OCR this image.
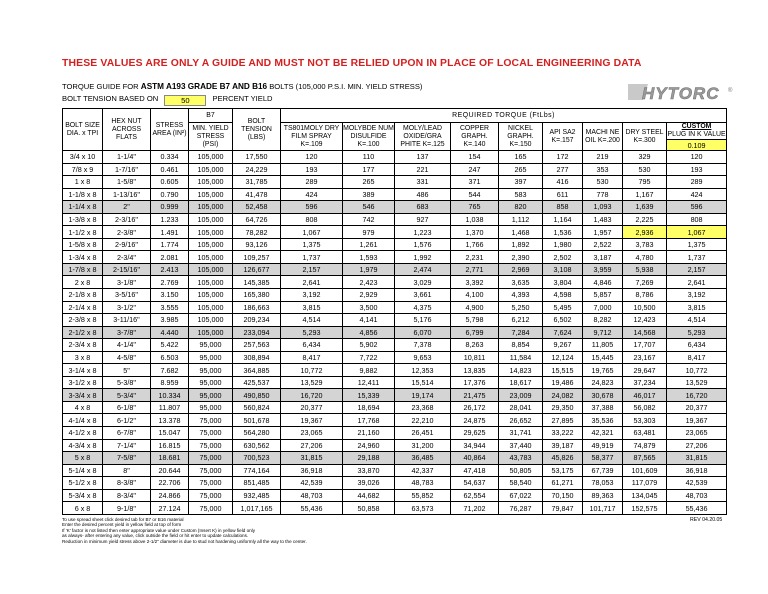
THESE VALUES ARE ONLY A GUIDE AND MUST NOT BE RELIED UPON IN PLACE OF LOCAL ENGINEERING DATA
TORQUE GUIDE FOR ASTM A193 GRADE B7 AND B16 BOLTS (105,000 P.S.I. MIN. YIELD STRESS)
BOLT TENSION BASED ON	50	PERCENT YIELD	HYTORC ®
BOLT SIZE DIA. x TPI	HEX NUT ACROSS FLATS	STRESS AREA (IN²)	B7	BOLT TENSION (LBS)	REQUIRED TORQUE (FtLbs)								
			MIN. YIELD STRESS (PSI)		TS801MOLY DRY FILM SPRAY K=.109	MOLYBDE NUM DISULFIDE K=.100	MOLY/LEAD OXIDE/GRA PHITE K=.125	COPPER GRAPH. K=.140	NICKEL GRAPH. K=.150	API SA2 K=.157	MACHI NE OIL K=.200	DRY STEEL K=.300	CUSTOM
PLUG IN K VALUE
													0.109
3/4 x 10	1-1/4"	0.334	105,000	17,550	120	110	137	154	165	172	219	329	120
7/8 x 9	1-7/16"	0.461	105,000	24,229	193	177	221	247	265	277	353	530	193
1 x 8	1-5/8"	0.605	105,000	31,785	289	265	331	371	397	416	530	795	289
1-1/8 x 8	1-13/16"	0.790	105,000	41,478	424	389	486	544	583	611	778	1,167	424
1-1/4 x 8	2"	0.999	105,000	52,458	596	546	683	765	820	858	1,093	1,639	596
1-3/8 x 8	2-3/16"	1.233	105,000	64,726	808	742	927	1,038	1,112	1,164	1,483	2,225	808
1-1/2 x 8	2-3/8"	1.491	105,000	78,282	1,067	979	1,223	1,370	1,468	1,536	1,957	2,936	1,067
1-5/8 x 8	2-9/16"	1.774	105,000	93,126	1,375	1,261	1,576	1,766	1,892	1,980	2,522	3,783	1,375
1-3/4 x 8	2-3/4"	2.081	105,000	109,257	1,737	1,593	1,992	2,231	2,390	2,502	3,187	4,780	1,737
1-7/8 x 8	2-15/16"	2.413	105,000	126,677	2,157	1,979	2,474	2,771	2,969	3,108	3,959	5,938	2,157
2 x 8	3-1/8"	2.769	105,000	145,385	2,641	2,423	3,029	3,392	3,635	3,804	4,846	7,269	2,641
2-1/8 x 8	3-5/16"	3.150	105,000	165,380	3,192	2,929	3,661	4,100	4,393	4,598	5,857	8,786	3,192
2-1/4 x 8	3-1/2"	3.555	105,000	186,663	3,815	3,500	4,375	4,900	5,250	5,495	7,000	10,500	3,815
2-3/8 x 8	3-11/16"	3.985	105,000	209,234	4,514	4,141	5,176	5,798	6,212	6,502	8,282	12,423	4,514
2-1/2 x 8	3-7/8"	4.440	105,000	233,094	5,293	4,856	6,070	6,799	7,284	7,624	9,712	14,568	5,293
2-3/4 x 8	4-1/4"	5.422	95,000	257,563	6,434	5,902	7,378	8,263	8,854	9,267	11,805	17,707	6,434
3 x 8	4-5/8"	6.503	95,000	308,894	8,417	7,722	9,653	10,811	11,584	12,124	15,445	23,167	8,417
3-1/4 x 8	5"	7.682	95,000	364,885	10,772	9,882	12,353	13,835	14,823	15,515	19,765	29,647	10,772
3-1/2 x 8	5-3/8"	8.959	95,000	425,537	13,529	12,411	15,514	17,376	18,617	19,486	24,823	37,234	13,529
3-3/4 x 8	5-3/4"	10.334	95,000	490,850	16,720	15,339	19,174	21,475	23,009	24,082	30,678	46,017	16,720
4 x 8	6-1/8"	11.807	95,000	560,824	20,377	18,694	23,368	26,172	28,041	29,350	37,388	56,082	20,377
4-1/4 x 8	6-1/2"	13.378	75,000	501,678	19,367	17,768	22,210	24,875	26,652	27,895	35,536	53,303	19,367
4-1/2 x 8	6-7/8"	15.047	75,000	564,280	23,065	21,160	26,451	29,625	31,741	33,222	42,321	63,481	23,065
4-3/4 x 8	7-1/4"	16.815	75,000	630,562	27,206	24,960	31,200	34,944	37,440	39,187	49,919	74,879	27,206
5 x 8	7-5/8"	18.681	75,000	700,523	31,815	29,188	36,485	40,864	43,783	45,826	58,377	87,565	31,815
5-1/4 x 8	8"	20.644	75,000	774,164	36,918	33,870	42,337	47,418	50,805	53,175	67,739	101,609	36,918
5-1/2 x 8	8-3/8"	22.706	75,000	851,485	42,539	39,026	48,783	54,637	58,540	61,271	78,053	117,079	42,539
5-3/4 x 8	8-3/4"	24.866	75,000	932,485	48,703	44,682	55,852	62,554	67,022	70,150	89,363	134,045	48,703
6 x 8	9-1/8"	27.124	75,000	1,017,165	55,436	50,858	63,573	71,202	76,287	79,847	101,717	152,575	55,436
To use spread sheet click desired tab for B7 or B16 material
Enter the desired percent yield in yellow field at top of form
If 'K' factor is not listed then enter appropriate value under Custom (Insert K) in yellow field only
as always- after entering any value, click outside the field or hit enter to update calculations.
Reduction in minimum yield stress above 2-1/2" diameter is due to stud not hardening uniformly all the way to the center.
REV 04.20.05
